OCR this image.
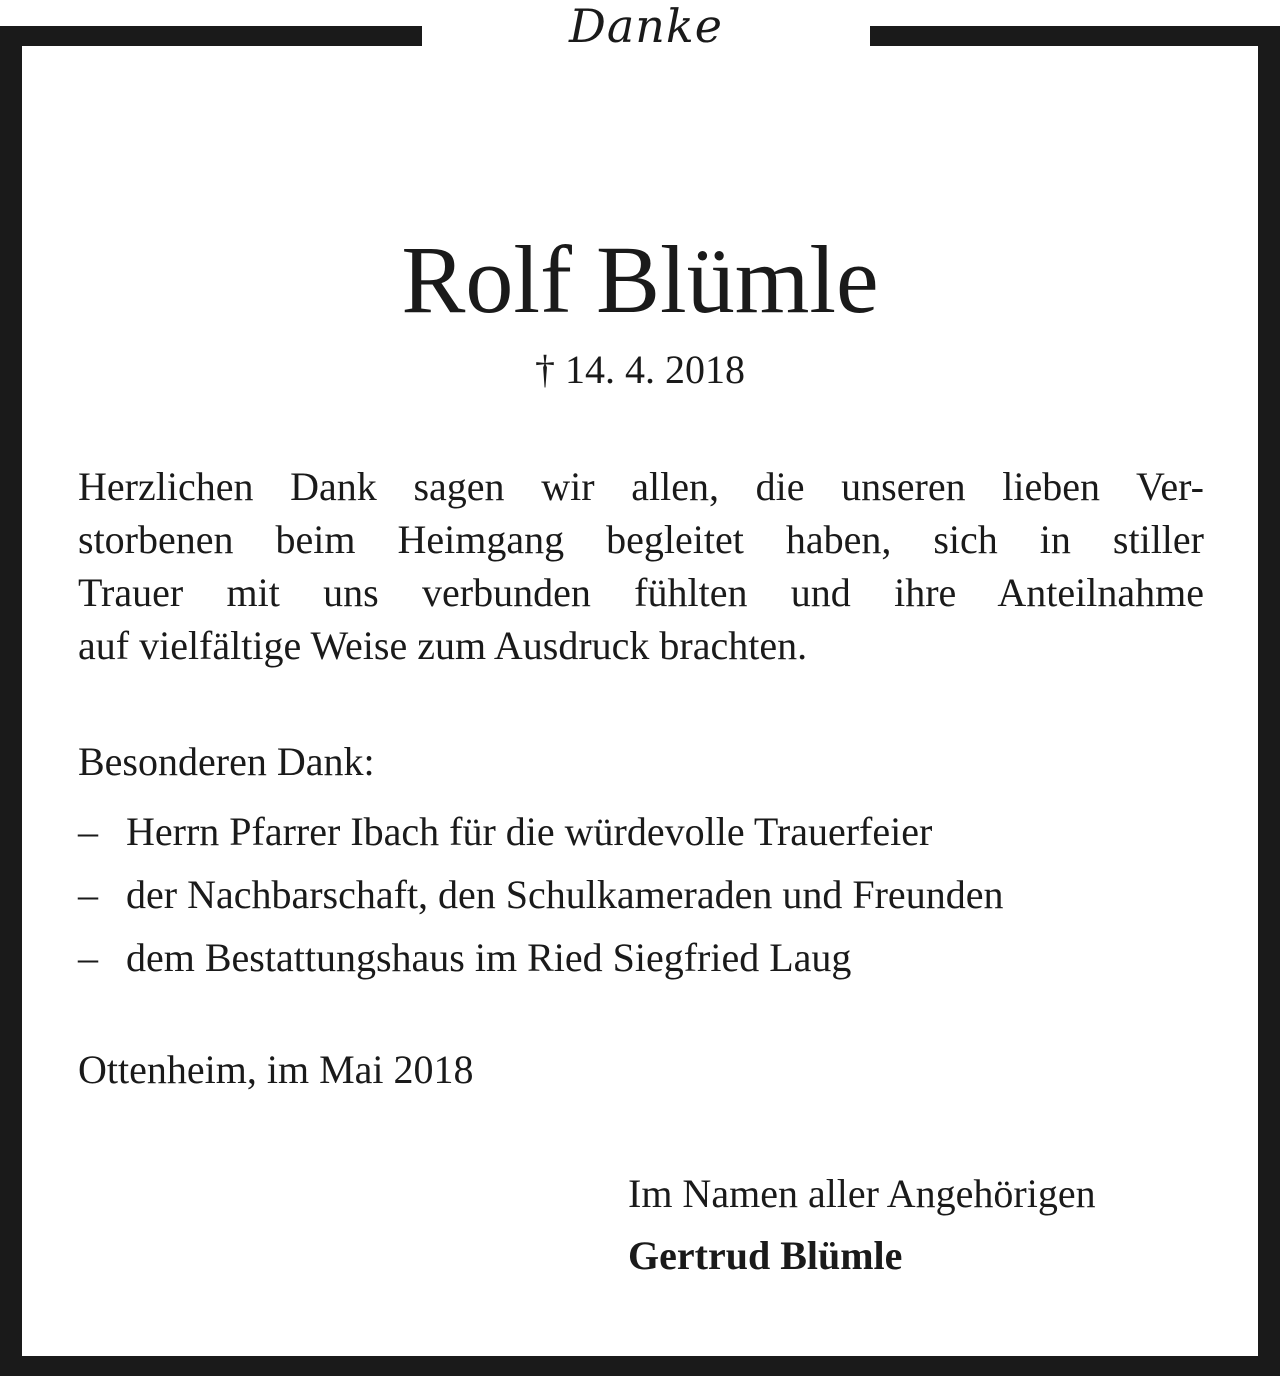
Danke
Rolf Blümle
† 14. 4. 2018
Herzlichen Dank sagen wir allen, die unseren lieben Ver-
storbenen beim Heimgang begleitet haben, sich in stiller
Trauer mit uns verbunden fühlten und ihre Anteilnahme
auf vielfältige Weise zum Ausdruck brachten.
Besonderen Dank:
– Herrn Pfarrer Ibach für die würdevolle Trauerfeier
– der Nachbarschaft, den Schulkameraden und Freunden
– dem Bestattungshaus im Ried Siegfried Laug
Ottenheim, im Mai 2018
Im Namen aller Angehörigen
Gertrud Blümle
